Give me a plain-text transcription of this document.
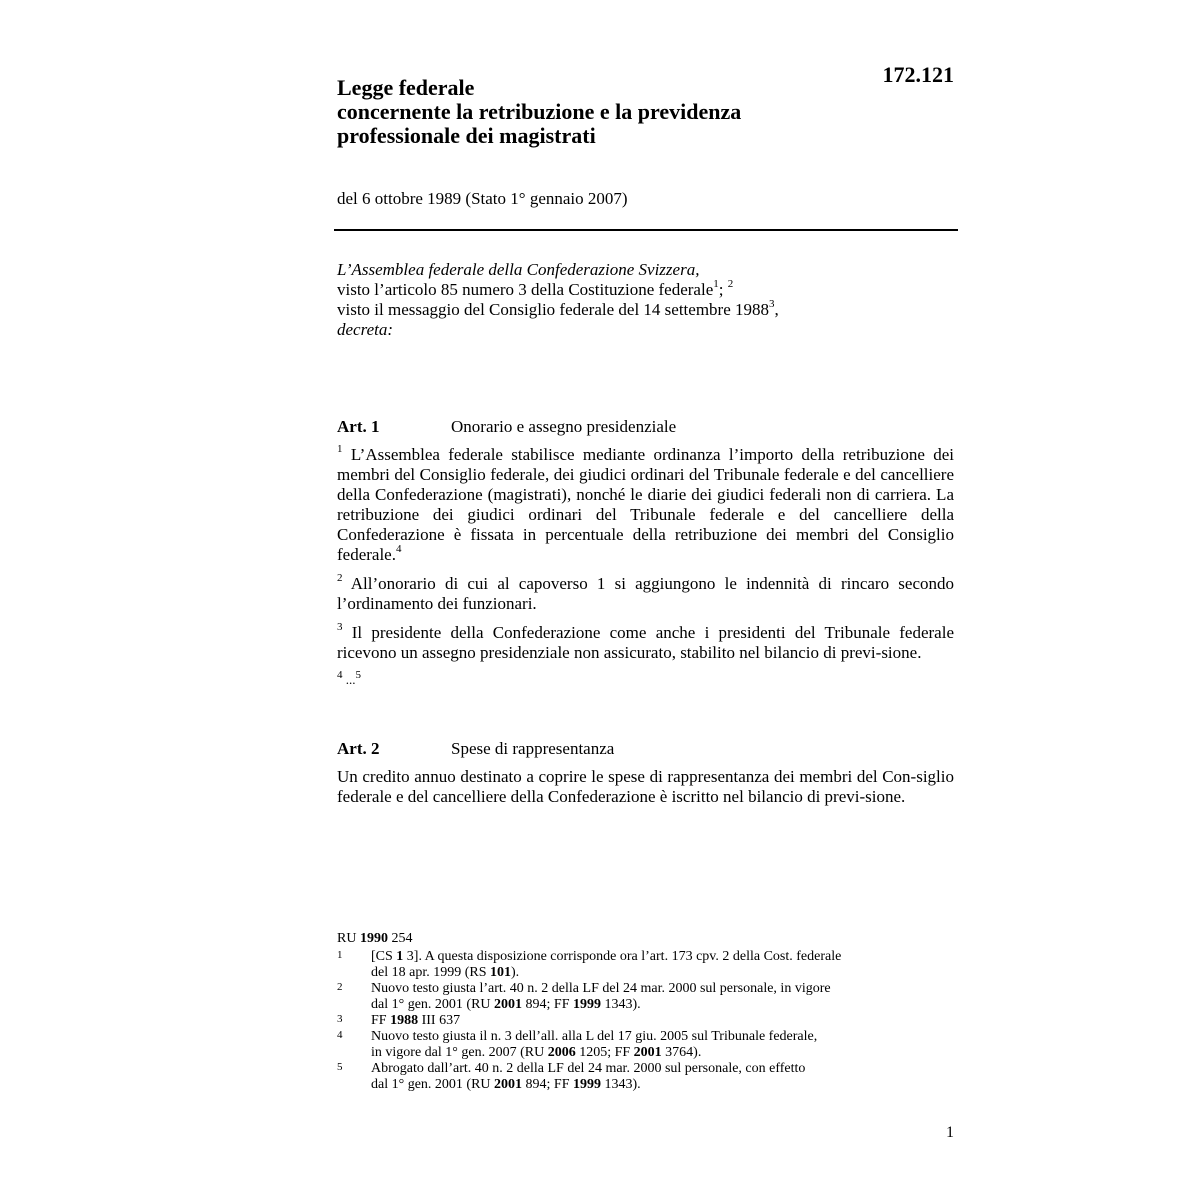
172.121
Legge federale
concernente la retribuzione e la previdenza
professionale dei magistrati
del 6 ottobre 1989 (Stato 1° gennaio 2007)
L’Assemblea federale della Confederazione Svizzera,
visto l’articolo 85 numero 3 della Costituzione federale$^1$; $^2$
visto il messaggio del Consiglio federale del 14 settembre 1988$^3$,
decreta:
Art. 1	Onorario e assegno presidenziale

$^1$ L’Assemblea federale stabilisce mediante ordinanza l’importo della retribuzione dei membri del Consiglio federale, dei giudici ordinari del Tribunale federale e del cancelliere della Confederazione (magistrati), nonché le diarie dei giudici federali non di carriera. La retribuzione dei giudici ordinari del Tribunale federale e del cancelliere della Confederazione è fissata in percentuale della retribuzione dei membri del Consiglio federale.$^4$

$^2$ All’onorario di cui al capoverso 1 si aggiungono le indennità di rincaro secondo l’ordinamento dei funzionari.

$^3$ Il presidente della Confederazione come anche i presidenti del Tribunale federale ricevono un assegno presidenziale non assicurato, stabilito nel bilancio di previ-sione.

$^4$ ...$^5$

Art. 2	Spese di rappresentanza

Un credito annuo destinato a coprire le spese di rappresentanza dei membri del Con-siglio federale e del cancelliere della Confederazione è iscritto nel bilancio di previ-sione.

RU 1990 254
1 [CS 1 3]. A questa disposizione corrisponde ora l’art. 173 cpv. 2 della Cost. federale
del 18 apr. 1999 (RS 101).
2 Nuovo testo giusta l’art. 40 n. 2 della LF del 24 mar. 2000 sul personale, in vigore
dal 1° gen. 2001 (RU 2001 894; FF 1999 1343).
3 FF 1988 III 637
4 Nuovo testo giusta il n. 3 dell’all. alla L del 17 giu. 2005 sul Tribunale federale,
in vigore dal 1° gen. 2007 (RU 2006 1205; FF 2001 3764).
5 Abrogato dall’art. 40 n. 2 della LF del 24 mar. 2000 sul personale, con effetto
dal 1° gen. 2001 (RU 2001 894; FF 1999 1343).
1
